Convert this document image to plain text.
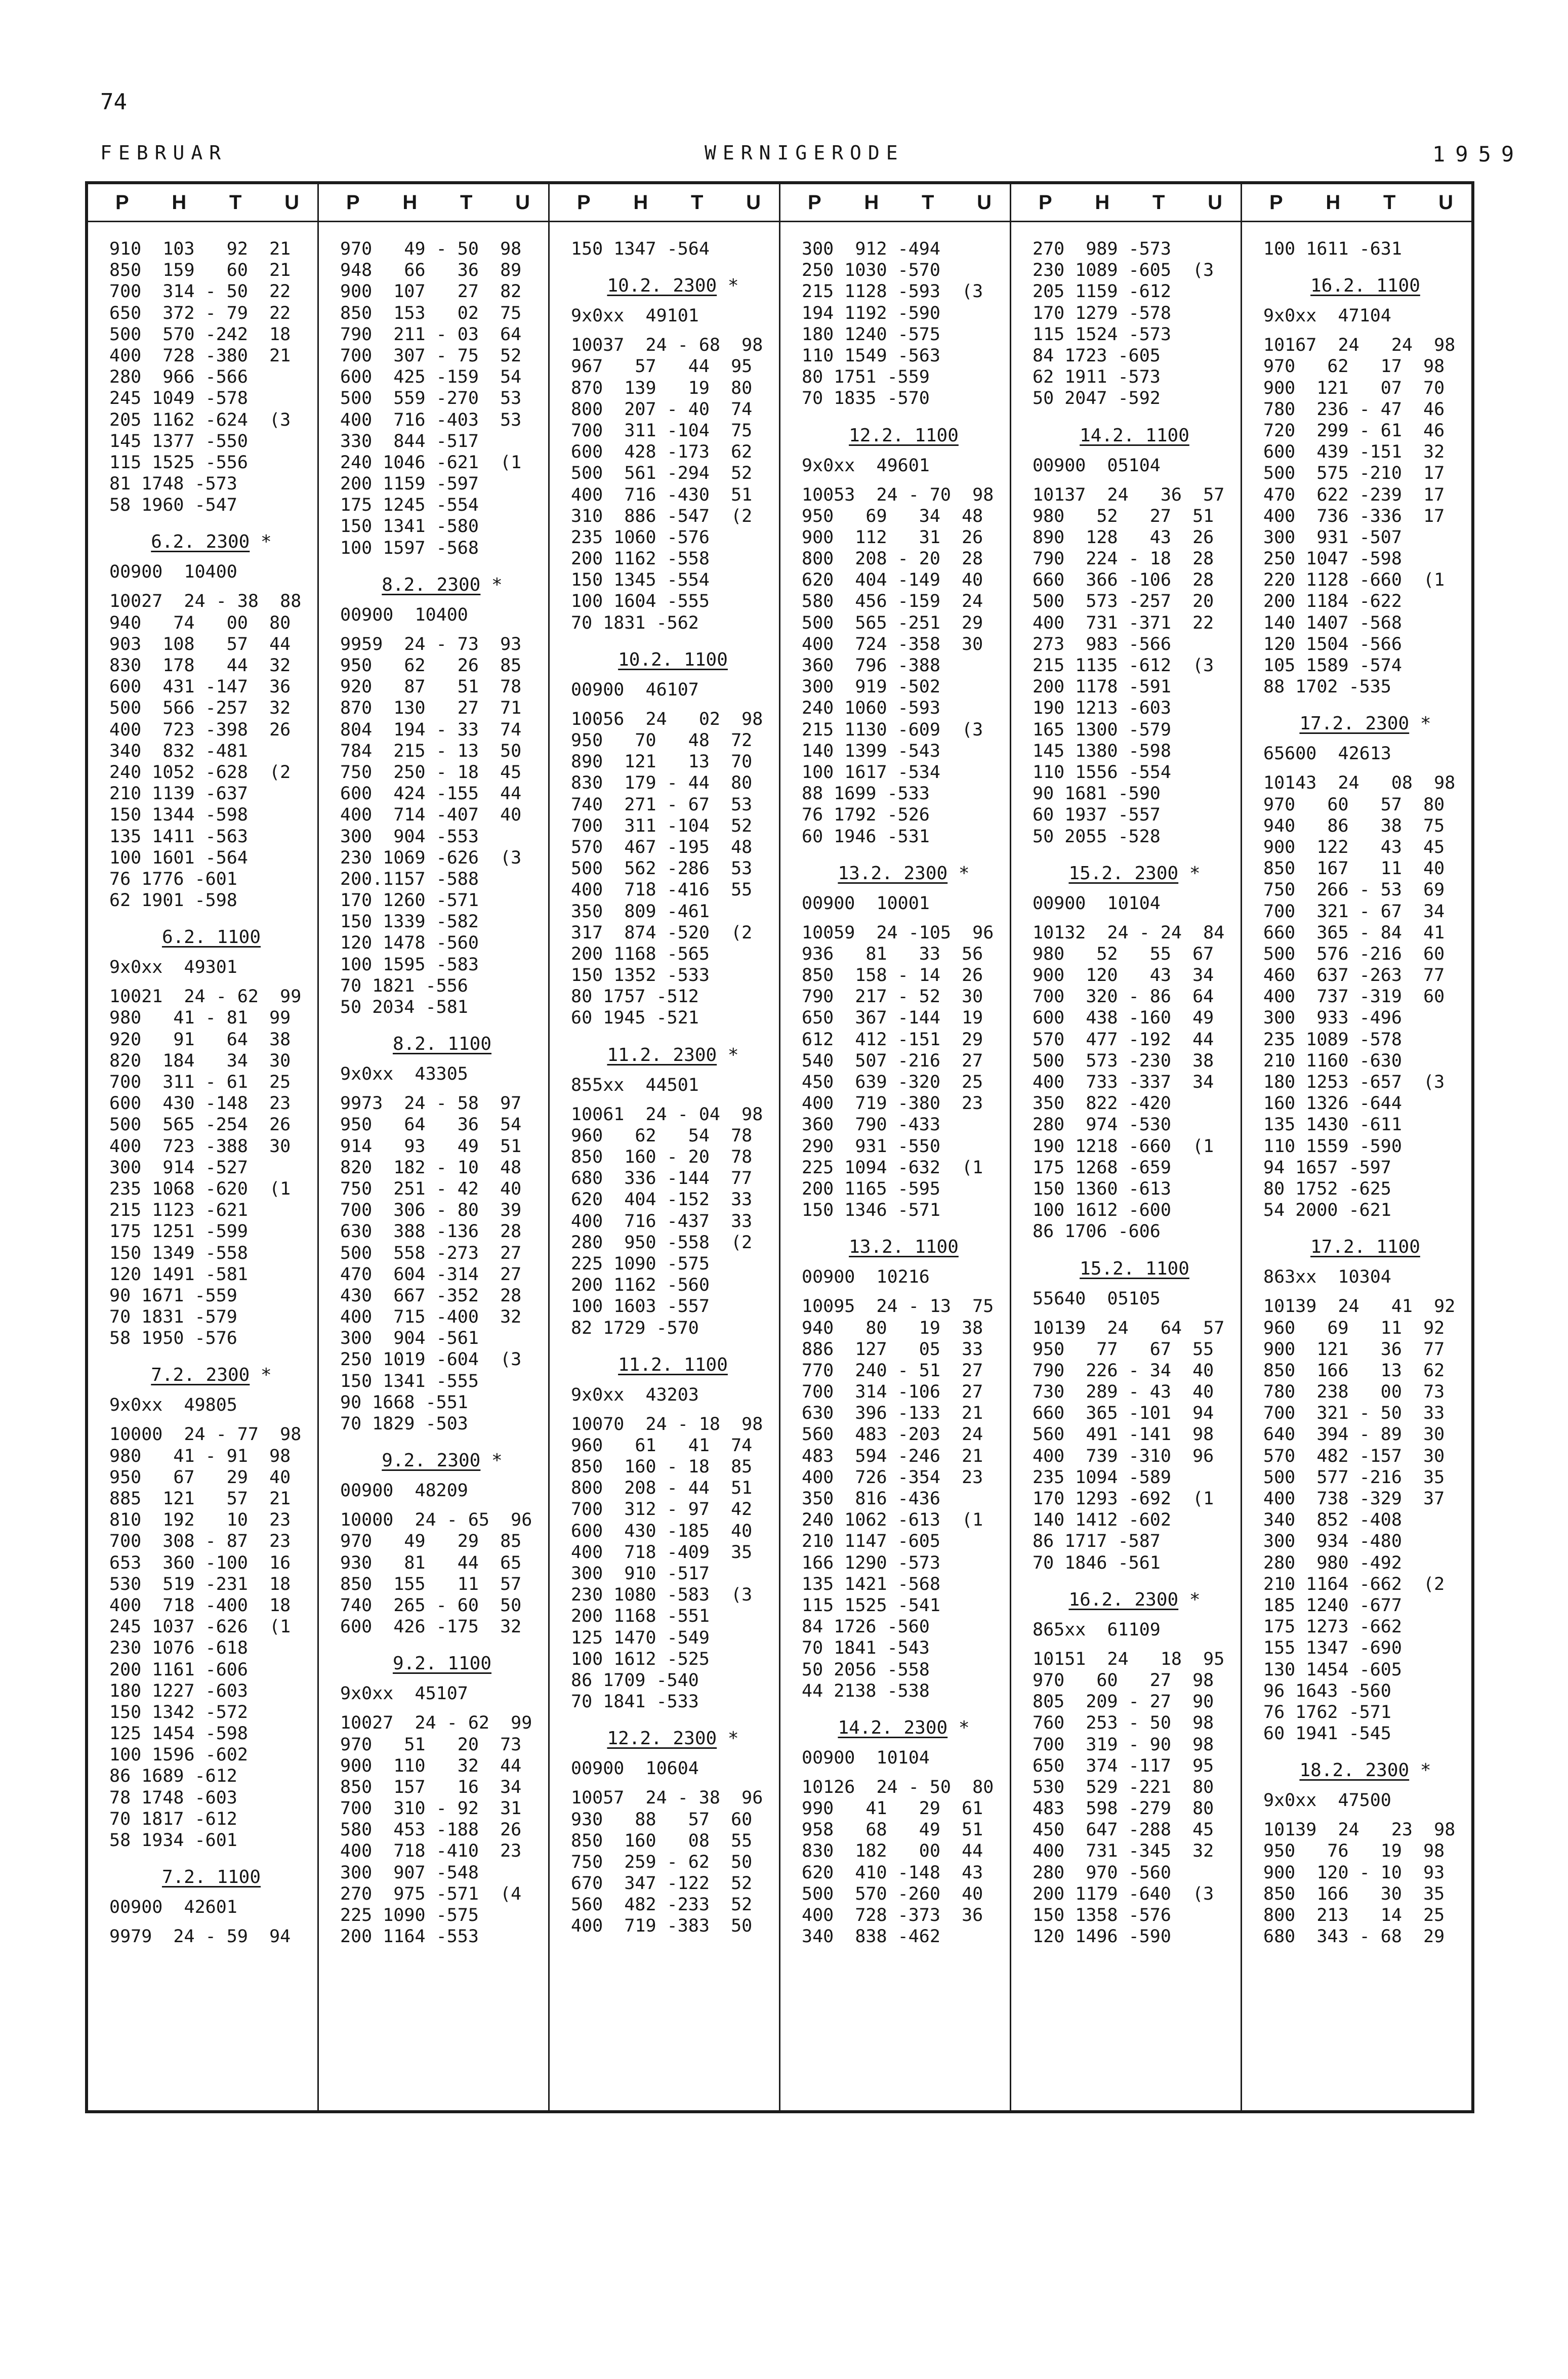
74
FEBRUAR	WERNIGERODE	1959
P H T U
910  103   92  21
850  159   60  21
700  314 - 50  22
650  372 - 79  22
500  570 -242  18
400  728 -380  21
280  966 -566
245 1049 -578
205 1162 -624  (3
145 1377 -550
115 1525 -556
81 1748 -573
58 1960 -547
6.2. 2300 *
00900  10400
10027  24 - 38  88
940   74   00  80
903  108   57  44
830  178   44  32
600  431 -147  36
500  566 -257  32
400  723 -398  26
340  832 -481
240 1052 -628  (2
210 1139 -637
150 1344 -598
135 1411 -563
100 1601 -564
76 1776 -601
62 1901 -598
6.2. 1100
9x0xx  49301
10021  24 - 62  99
980   41 - 81  99
920   91   64  38
820  184   34  30
700  311 - 61  25
600  430 -148  23
500  565 -254  26
400  723 -388  30
300  914 -527
235 1068 -620  (1
215 1123 -621
175 1251 -599
150 1349 -558
120 1491 -581
90 1671 -559
70 1831 -579
58 1950 -576
7.2. 2300 *
9x0xx  49805
10000  24 - 77  98
980   41 - 91  98
950   67   29  40
885  121   57  21
810  192   10  23
700  308 - 87  23
653  360 -100  16
530  519 -231  18
400  718 -400  18
245 1037 -626  (1
230 1076 -618
200 1161 -606
180 1227 -603
150 1342 -572
125 1454 -598
100 1596 -602
86 1689 -612
78 1748 -603
70 1817 -612
58 1934 -601
7.2. 1100
00900  42601
9979  24 - 59  94
P H T U
970   49 - 50  98
948   66   36  89
900  107   27  82
850  153   02  75
790  211 - 03  64
700  307 - 75  52
600  425 -159  54
500  559 -270  53
400  716 -403  53
330  844 -517
240 1046 -621  (1
200 1159 -597
175 1245 -554
150 1341 -580
100 1597 -568
8.2. 2300 *
00900  10400
9959  24 - 73  93
950   62   26  85
920   87   51  78
870  130   27  71
804  194 - 33  74
784  215 - 13  50
750  250 - 18  45
600  424 -155  44
400  714 -407  40
300  904 -553
230 1069 -626  (3
200.1157 -588
170 1260 -571
150 1339 -582
120 1478 -560
100 1595 -583
70 1821 -556
50 2034 -581
8.2. 1100
9x0xx  43305
9973  24 - 58  97
950   64   36  54
914   93   49  51
820  182 - 10  48
750  251 - 42  40
700  306 - 80  39
630  388 -136  28
500  558 -273  27
470  604 -314  27
430  667 -352  28
400  715 -400  32
300  904 -561
250 1019 -604  (3
150 1341 -555
90 1668 -551
70 1829 -503
9.2. 2300 *
00900  48209
10000  24 - 65  96
970   49   29  85
930   81   44  65
850  155   11  57
740  265 - 60  50
600  426 -175  32
9.2. 1100
9x0xx  45107
10027  24 - 62  99
970   51   20  73
900  110   32  44
850  157   16  34
700  310 - 92  31
580  453 -188  26
400  718 -410  23
300  907 -548
270  975 -571  (4
225 1090 -575
200 1164 -553
P H T U
150 1347 -564
10.2. 2300 *
9x0xx  49101
10037  24 - 68  98
967   57   44  95
870  139   19  80
800  207 - 40  74
700  311 -104  75
600  428 -173  62
500  561 -294  52
400  716 -430  51
310  886 -547  (2
235 1060 -576
200 1162 -558
150 1345 -554
100 1604 -555
70 1831 -562
10.2. 1100
00900  46107
10056  24   02  98
950   70   48  72
890  121   13  70
830  179 - 44  80
740  271 - 67  53
700  311 -104  52
570  467 -195  48
500  562 -286  53
400  718 -416  55
350  809 -461
317  874 -520  (2
200 1168 -565
150 1352 -533
80 1757 -512
60 1945 -521
11.2. 2300 *
855xx  44501
10061  24 - 04  98
960   62   54  78
850  160 - 20  78
680  336 -144  77
620  404 -152  33
400  716 -437  33
280  950 -558  (2
225 1090 -575
200 1162 -560
100 1603 -557
82 1729 -570
11.2. 1100
9x0xx  43203
10070  24 - 18  98
960   61   41  74
850  160 - 18  85
800  208 - 44  51
700  312 - 97  42
600  430 -185  40
400  718 -409  35
300  910 -517
230 1080 -583  (3
200 1168 -551
125 1470 -549
100 1612 -525
86 1709 -540
70 1841 -533
12.2. 2300 *
00900  10604
10057  24 - 38  96
930   88   57  60
850  160   08  55
750  259 - 62  50
670  347 -122  52
560  482 -233  52
400  719 -383  50
P H T U
300  912 -494
250 1030 -570
215 1128 -593  (3
194 1192 -590
180 1240 -575
110 1549 -563
80 1751 -559
70 1835 -570
12.2. 1100
9x0xx  49601
10053  24 - 70  98
950   69   34  48
900  112   31  26
800  208 - 20  28
620  404 -149  40
580  456 -159  24
500  565 -251  29
400  724 -358  30
360  796 -388
300  919 -502
240 1060 -593
215 1130 -609  (3
140 1399 -543
100 1617 -534
88 1699 -533
76 1792 -526
60 1946 -531
13.2. 2300 *
00900  10001
10059  24 -105  96
936   81   33  56
850  158 - 14  26
790  217 - 52  30
650  367 -144  19
612  412 -151  29
540  507 -216  27
450  639 -320  25
400  719 -380  23
360  790 -433
290  931 -550
225 1094 -632  (1
200 1165 -595
150 1346 -571
13.2. 1100
00900  10216
10095  24 - 13  75
940   80   19  38
886  127   05  33
770  240 - 51  27
700  314 -106  27
630  396 -133  21
560  483 -203  24
483  594 -246  21
400  726 -354  23
350  816 -436
240 1062 -613  (1
210 1147 -605
166 1290 -573
135 1421 -568
115 1525 -541
84 1726 -560
70 1841 -543
50 2056 -558
44 2138 -538
14.2. 2300 *
00900  10104
10126  24 - 50  80
990   41   29  61
958   68   49  51
830  182   00  44
620  410 -148  43
500  570 -260  40
400  728 -373  36
340  838 -462
P H T U
270  989 -573
230 1089 -605  (3
205 1159 -612
170 1279 -578
115 1524 -573
84 1723 -605
62 1911 -573
50 2047 -592
14.2. 1100
00900  05104
10137  24   36  57
980   52   27  51
890  128   43  26
790  224 - 18  28
660  366 -106  28
500  573 -257  20
400  731 -371  22
273  983 -566
215 1135 -612  (3
200 1178 -591
190 1213 -603
165 1300 -579
145 1380 -598
110 1556 -554
90 1681 -590
60 1937 -557
50 2055 -528
15.2. 2300 *
00900  10104
10132  24 - 24  84
980   52   55  67
900  120   43  34
700  320 - 86  64
600  438 -160  49
570  477 -192  44
500  573 -230  38
400  733 -337  34
350  822 -420
280  974 -530
190 1218 -660  (1
175 1268 -659
150 1360 -613
100 1612 -600
86 1706 -606
15.2. 1100
55640  05105
10139  24   64  57
950   77   67  55
790  226 - 34  40
730  289 - 43  40
660  365 -101  94
560  491 -141  98
400  739 -310  96
235 1094 -589
170 1293 -692  (1
140 1412 -602
86 1717 -587
70 1846 -561
16.2. 2300 *
865xx  61109
10151  24   18  95
970   60   27  98
805  209 - 27  90
760  253 - 50  98
700  319 - 90  98
650  374 -117  95
530  529 -221  80
483  598 -279  80
450  647 -288  45
400  731 -345  32
280  970 -560
200 1179 -640  (3
150 1358 -576
120 1496 -590
P H T U
100 1611 -631
16.2. 1100
9x0xx  47104
10167  24   24  98
970   62   17  98
900  121   07  70
780  236 - 47  46
720  299 - 61  46
600  439 -151  32
500  575 -210  17
470  622 -239  17
400  736 -336  17
300  931 -507
250 1047 -598
220 1128 -660  (1
200 1184 -622
140 1407 -568
120 1504 -566
105 1589 -574
88 1702 -535
17.2. 2300 *
65600  42613
10143  24   08  98
970   60   57  80
940   86   38  75
900  122   43  45
850  167   11  40
750  266 - 53  69
700  321 - 67  34
660  365 - 84  41
500  576 -216  60
460  637 -263  77
400  737 -319  60
300  933 -496
235 1089 -578
210 1160 -630
180 1253 -657  (3
160 1326 -644
135 1430 -611
110 1559 -590
94 1657 -597
80 1752 -625
54 2000 -621
17.2. 1100
863xx  10304
10139  24   41  92
960   69   11  92
900  121   36  77
850  166   13  62
780  238   00  73
700  321 - 50  33
640  394 - 89  30
570  482 -157  30
500  577 -216  35
400  738 -329  37
340  852 -408
300  934 -480
280  980 -492
210 1164 -662  (2
185 1240 -677
175 1273 -662
155 1347 -690
130 1454 -605
96 1643 -560
76 1762 -571
60 1941 -545
18.2. 2300 *
9x0xx  47500
10139  24   23  98
950   76   19  98
900  120 - 10  93
850  166   30  35
800  213   14  25
680  343 - 68  29
